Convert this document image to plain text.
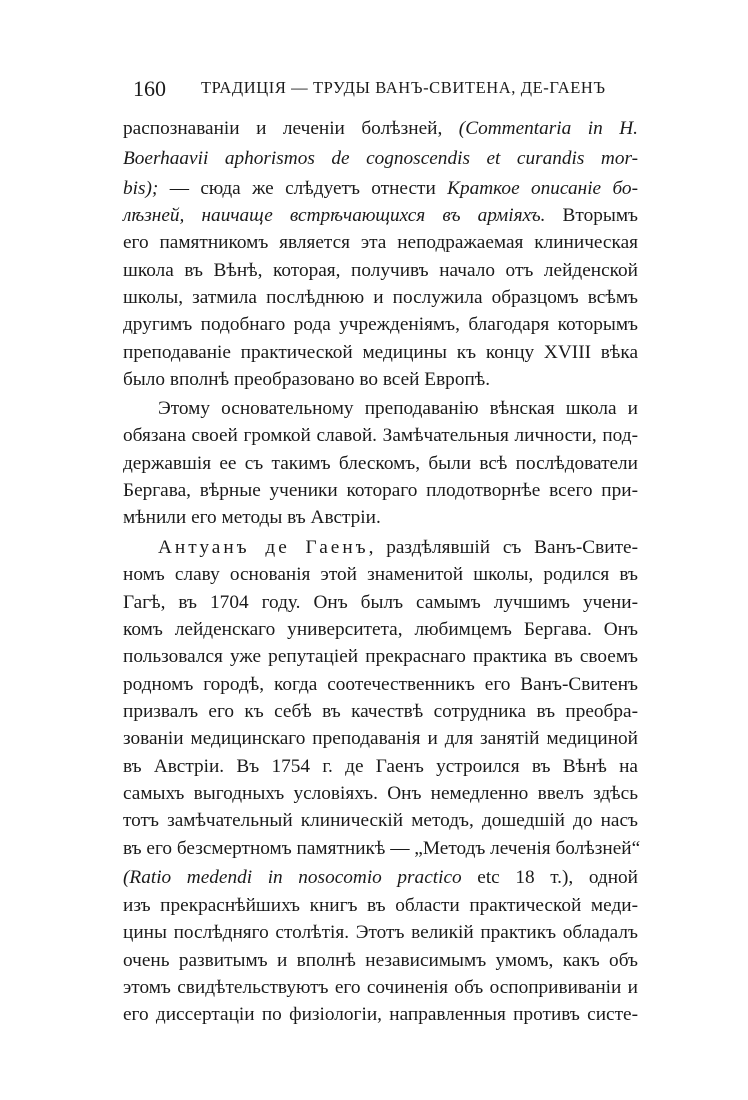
160 ТРАДИЦІЯ — ТРУДЫ ВАНЪ-СВИТЕНА, ДЕ-ГАЕНЪ
распознаваніи и леченіи болѣзней, (Commentaria in H.
Boerhaavii aphorismos de cognoscendis et curandis mor-
bis); — сюда же слѣдуетъ отнести Краткое описаніе бо-
лѣзней, наичаще встрѣчающихся въ арміяхъ. Вторымъ
его памятникомъ является эта неподражаемая клиническая
школа въ Вѣнѣ, которая, получивъ начало отъ лейденской
школы, затмила послѣднюю и послужила образцомъ всѣмъ
другимъ подобнаго рода учрежденіямъ, благодаря которымъ
преподаваніе практической медицины къ концу XVIII вѣка
было вполнѣ преобразовано во всей Европѣ.
Этому основательному преподаванію вѣнская школа и
обязана своей громкой славой. Замѣчательныя личности, под-
державшія ее съ такимъ блескомъ, были всѣ послѣдователи
Бергава, вѣрные ученики котораго плодотворнѣе всего при-
мѣнили его методы въ Австріи.
Антуанъ де Гаенъ, раздѣлявшій съ Ванъ-Свите-
номъ славу основанія этой знаменитой школы, родился въ
Гагѣ, въ 1704 году. Онъ былъ самымъ лучшимъ учени-
комъ лейденскаго университета, любимцемъ Бергава. Онъ
пользовался уже репутаціей прекраснаго практика въ своемъ
родномъ городѣ, когда соотечественникъ его Ванъ-Свитенъ
призвалъ его къ себѣ въ качествѣ сотрудника въ преобра-
зованіи медицинскаго преподаванія и для занятій медициной
въ Австріи. Въ 1754 г. де Гаенъ устроился въ Вѣнѣ на
самыхъ выгодныхъ условіяхъ. Онъ немедленно ввелъ здѣсь
тотъ замѣчательный клиническій методъ, дошедшій до насъ
въ его безсмертномъ памятникѣ — „Методъ леченія болѣзней“
(Ratio medendi in nosocomio practico etc 18 т.), одной
изъ прекраснѣйшихъ книгъ въ области практической меди-
цины послѣдняго столѣтія. Этотъ великій практикъ обладалъ
очень развитымъ и вполнѣ независимымъ умомъ, какъ объ
этомъ свидѣтельствуютъ его сочиненія объ оспопрививаніи и
его диссертаціи по физіологіи, направленныя противъ систе-
